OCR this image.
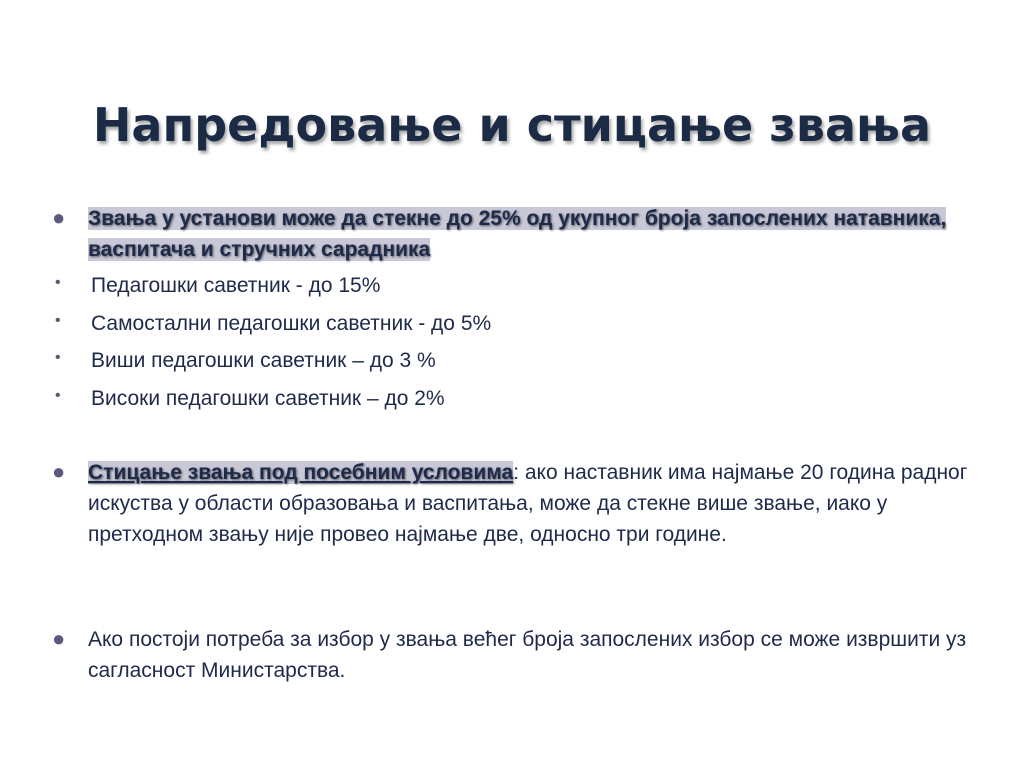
Напредовање и стицање звања
● Звања у установи може да стекне до 25% од укупног броја запослених натавника, васпитача и стручних сарадника
• Педагошки саветник - до 15%
• Самостални педагошки саветник - до 5%
• Виши педагошки саветник – до 3 %
• Високи педагошки саветник – до 2%
● Стицање звања под посебним условима: ако наставник има најмање 20 година радног искуства у области образовања и васпитања, може да стекне више звање, иако у претходном звању није провео најмање две, односно три године.
● Ако постоји потреба за избор у звања већег броја запослених избор се може извршити уз сагласност Министарства.
